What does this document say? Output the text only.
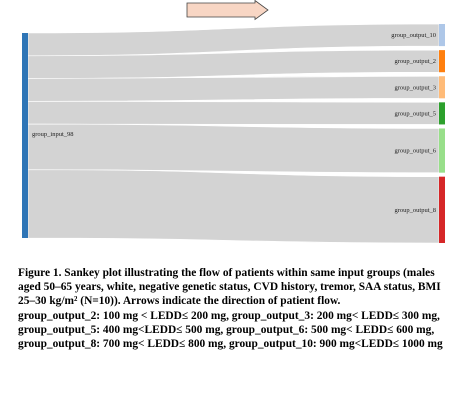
group_output_10
group_output_2
group_output_3
group_output_5
group_output_6
group_output_8
group_input_98

Figure 1. Sankey plot illustrating the flow of patients within same input groups (males aged 50–65 years, white, negative genetic status, CVD history, tremor, SAA status, BMI 25–30 kg/m² (N=10)). Arrows indicate the direction of patient flow.

group_output_2: 100 mg < LEDD≤ 200 mg, group_output_3: 200 mg< LEDD≤ 300 mg, group_output_5: 400 mg<LEDD≤ 500 mg, group_output_6: 500 mg< LEDD≤ 600 mg, group_output_8: 700 mg< LEDD≤ 800 mg, group_output_10: 900 mg<LEDD≤ 1000 mg
